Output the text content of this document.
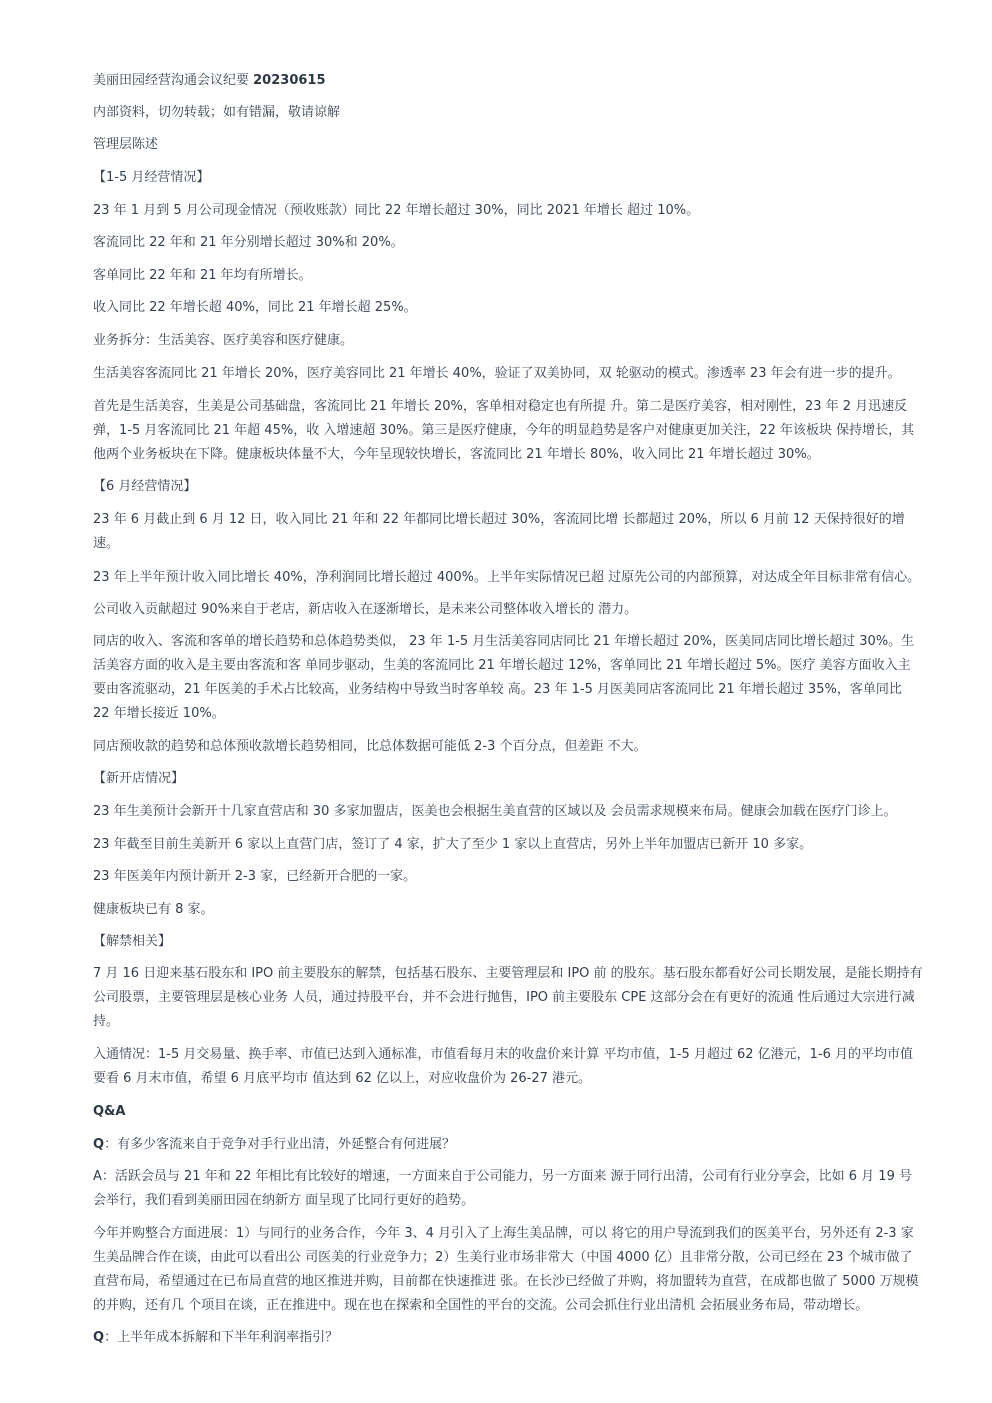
美丽田园经营沟通会议纪要 20230615
内部资料，切勿转载；如有错漏，敬请谅解
管理层陈述
【1-5 月经营情况】
23 年 1 月到 5 月公司现金情况（预收账款）同比 22 年增长超过 30%，同比 2021 年增长 超过 10%。
客流同比 22 年和 21 年分别增长超过 30%和 20%。
客单同比 22 年和 21 年均有所增长。
收入同比 22 年增长超 40%，同比 21 年增长超 25%。
业务拆分：生活美容、医疗美容和医疗健康。
生活美容客流同比 21 年增长 20%，医疗美容同比 21 年增长 40%，验证了双美协同，双 轮驱动的模式。渗透率 23 年会有进一步的提升。
首先是生活美容，生美是公司基础盘，客流同比 21 年增长 20%，客单相对稳定也有所提 升。第二是医疗美容，相对刚性，23 年 2 月迅速反
弹，1-5 月客流同比 21 年超 45%，收 入增速超 30%。第三是医疗健康，今年的明显趋势是客户对健康更加关注，22 年该板块 保持增长，其
他两个业务板块在下降。健康板块体量不大，今年呈现较快增长，客流同比 21 年增长 80%，收入同比 21 年增长超过 30%。
【6 月经营情况】
23 年 6 月截止到 6 月 12 日，收入同比 21 年和 22 年都同比增长超过 30%，客流同比增 长都超过 20%，所以 6 月前 12 天保持很好的增
速。
23 年上半年预计收入同比增长 40%，净利润同比增长超过 400%。上半年实际情况已超 过原先公司的内部预算，对达成全年目标非常有信心。
公司收入贡献超过 90%来自于老店，新店收入在逐渐增长，是未来公司整体收入增长的 潜力。
同店的收入、客流和客单的增长趋势和总体趋势类似， 23 年 1-5 月生活美容同店同比 21 年增长超过 20%，医美同店同比增长超过 30%。生
活美容方面的收入是主要由客流和客 单同步驱动，生美的客流同比 21 年增长超过 12%，客单同比 21 年增长超过 5%。医疗 美容方面收入主
要由客流驱动，21 年医美的手术占比较高，业务结构中导致当时客单较 高。23 年 1-5 月医美同店客流同比 21 年增长超过 35%，客单同比
22 年增长接近 10%。
同店预收款的趋势和总体预收款增长趋势相同，比总体数据可能低 2-3 个百分点，但差距 不大。
【新开店情况】
23 年生美预计会新开十几家直营店和 30 多家加盟店，医美也会根据生美直营的区域以及 会员需求规模来布局。健康会加载在医疗门诊上。
23 年截至目前生美新开 6 家以上直营门店，签订了 4 家，扩大了至少 1 家以上直营店，另外上半年加盟店已新开 10 多家。
23 年医美年内预计新开 2-3 家，已经新开合肥的一家。
健康板块已有 8 家。
【解禁相关】
7 月 16 日迎来基石股东和 IPO 前主要股东的解禁，包括基石股东、主要管理层和 IPO 前 的股东。基石股东都看好公司长期发展，是能长期持有
公司股票，主要管理层是核心业务 人员，通过持股平台，并不会进行抛售，IPO 前主要股东 CPE 这部分会在有更好的流通 性后通过大宗进行减
持。
入通情况：1-5 月交易量、换手率、市值已达到入通标准，市值看每月末的收盘价来计算 平均市值，1-5 月超过 62 亿港元，1-6 月的平均市值
要看 6 月末市值，希望 6 月底平均市 值达到 62 亿以上，对应收盘价为 26-27 港元。
Q&A
Q：有多少客流来自于竞争对手行业出清，外延整合有何进展？
A：活跃会员与 21 年和 22 年相比有比较好的增速，一方面来自于公司能力，另一方面来 源于同行出清，公司有行业分享会，比如 6 月 19 号
会举行，我们看到美丽田园在纳新方 面呈现了比同行更好的趋势。
今年并购整合方面进展：1）与同行的业务合作，今年 3、4 月引入了上海生美品牌，可以 将它的用户导流到我们的医美平台，另外还有 2-3 家
生美品牌合作在谈，由此可以看出公 司医美的行业竞争力；2）生美行业市场非常大（中国 4000 亿）且非常分散，公司已经在 23 个城市做了
直营布局，希望通过在已布局直营的地区推进并购，目前都在快速推进 张。在长沙已经做了并购，将加盟转为直营，在成都也做了 5000 万规模
的并购，还有几 个项目在谈，正在推进中。现在也在探索和全国性的平台的交流。公司会抓住行业出清机 会拓展业务布局，带动增长。
Q：上半年成本拆解和下半年利润率指引？
